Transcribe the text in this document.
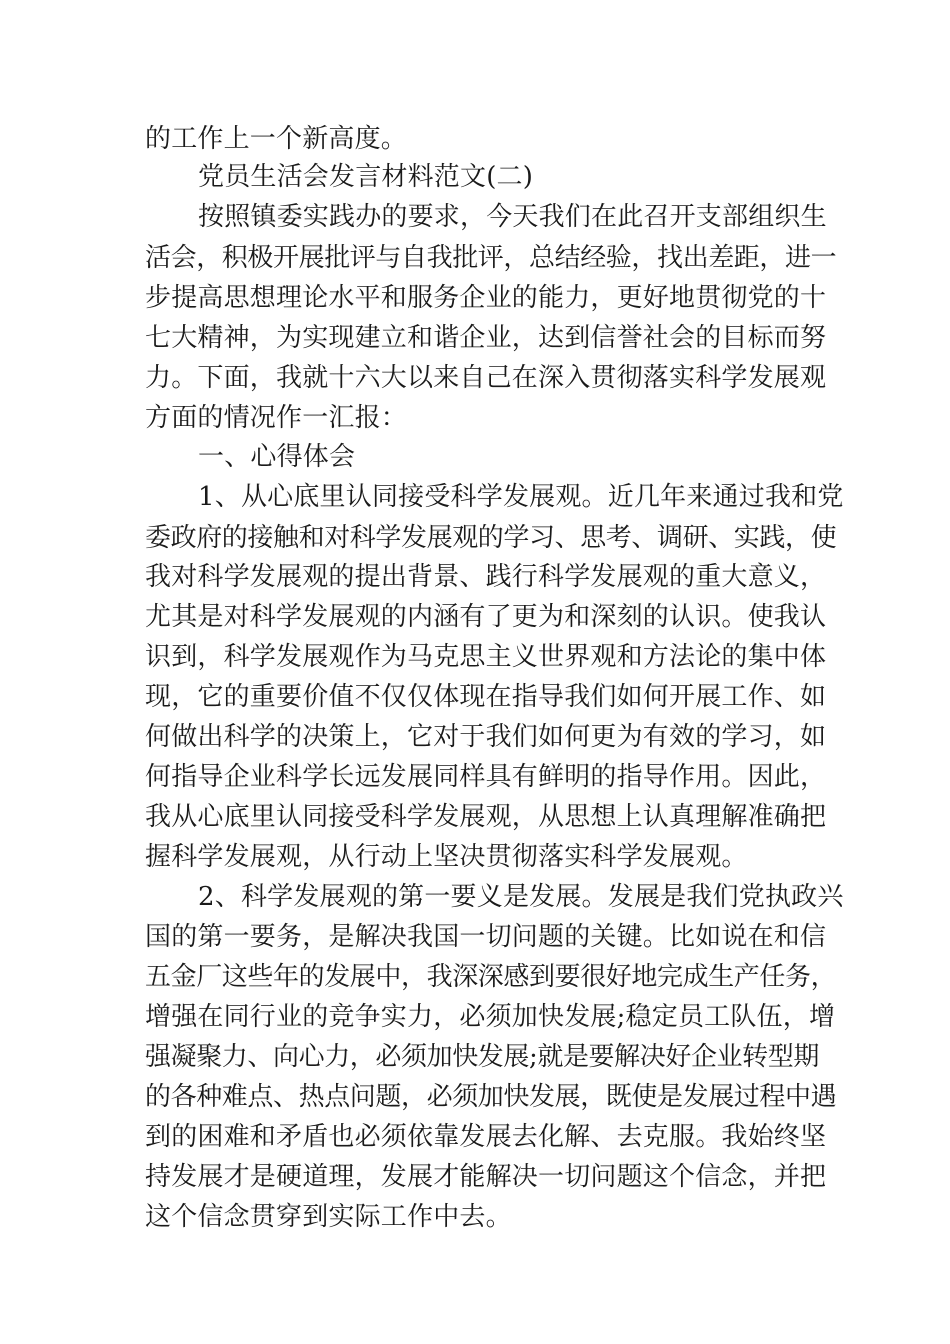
的工作上一个新高度。
党员生活会发言材料范文(二)
按照镇委实践办的要求，今天我们在此召开支部组织生
活会，积极开展批评与自我批评，总结经验，找出差距，进一
步提高思想理论水平和服务企业的能力，更好地贯彻党的十
七大精神，为实现建立和谐企业，达到信誉社会的目标而努
力。下面，我就十六大以来自己在深入贯彻落实科学发展观
方面的情况作一汇报：
一、心得体会
1、从心底里认同接受科学发展观。近几年来通过我和党
委政府的接触和对科学发展观的学习、思考、调研、实践，使
我对科学发展观的提出背景、践行科学发展观的重大意义，
尤其是对科学发展观的内涵有了更为和深刻的认识。使我认
识到，科学发展观作为马克思主义世界观和方法论的集中体
现，它的重要价值不仅仅体现在指导我们如何开展工作、如
何做出科学的决策上，它对于我们如何更为有效的学习，如
何指导企业科学长远发展同样具有鲜明的指导作用。因此，
我从心底里认同接受科学发展观，从思想上认真理解准确把
握科学发展观，从行动上坚决贯彻落实科学发展观。
2、科学发展观的第一要义是发展。发展是我们党执政兴
国的第一要务，是解决我国一切问题的关键。比如说在和信
五金厂这些年的发展中，我深深感到要很好地完成生产任务，
增强在同行业的竞争实力，必须加快发展;稳定员工队伍，增
强凝聚力、向心力，必须加快发展;就是要解决好企业转型期
的各种难点、热点问题，必须加快发展，既使是发展过程中遇
到的困难和矛盾也必须依靠发展去化解、去克服。我始终坚
持发展才是硬道理，发展才能解决一切问题这个信念，并把
这个信念贯穿到实际工作中去。
